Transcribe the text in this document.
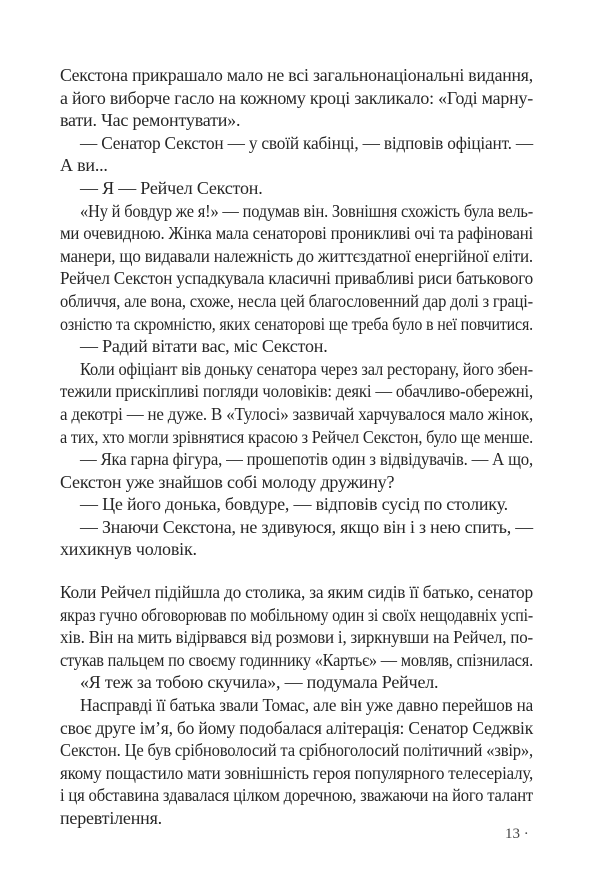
Сeкстона прикрашало мало не всі загальнонаціональні видання,
а його виборче гасло на кожному кроці закликало: «Годі марну-
вати. Час ремонтувати».
— Сенатор Секстон — у своїй кабінці, — відповів офіціант. —
А ви...
— Я — Рейчел Секстон.
«Ну й бовдур же я!» — подумав він. Зовнішня схожість була вель-
ми очевидною. Жінка мала сенаторові проникливі очі та рафіновані
манери, що видавали належність до життєздатної енергійної еліти.
Рейчел Секстон успадкувала класичні привабливі риси батькового
обличчя, але вона, схоже, несла цей благословенний дар долі з граці-
озністю та скромністю, яких сенаторові ще треба було в неї повчитися.
— Радий вітати вас, міс Секстон.
Коли офіціант вів доньку сенатора через зал ресторану, його збен-
тежили прискіпливі погляди чоловіків: деякі — обачливо-обережні,
а декотрі — не дуже. В «Тулосі» зазвичай харчувалося мало жінок,
а тих, хто могли зрівнятися красою з Рейчел Секстон, було ще менше.
— Яка гарна фігура, — прошепотів один з відвідувачів. — А що,
Секстон уже знайшов собі молоду дружину?
— Це його донька, бовдуре, — відповів сусід по столику.
— Знаючи Секстона, не здивуюся, якщо він і з нею спить, —
хихикнув чоловік.
Коли Рейчел підійшла до столика, за яким сидів її батько, сенатор
якраз гучно обговорював по мобільному один зі своїх нещодавніх успі-
хів. Він на мить відірвався від розмови і, зиркнувши на Рейчел, по-
стукав пальцем по своєму годиннику «Картьє» — мовляв, спізнилася.
«Я теж за тобою скучила», — подумала Рейчел.
Насправді її батька звали Томас, але він уже давно перейшов на
своє друге ім’я, бо йому подобалася алітерація: Сенатор Седжвік
Секстон. Це був срібноволосий та срібноголосий політичний «звір»,
якому пощастило мати зовнішність героя популярного телесеріалу,
і ця обставина здавалася цілком доречною, зважаючи на його талант
перевтілення.
13 ·
